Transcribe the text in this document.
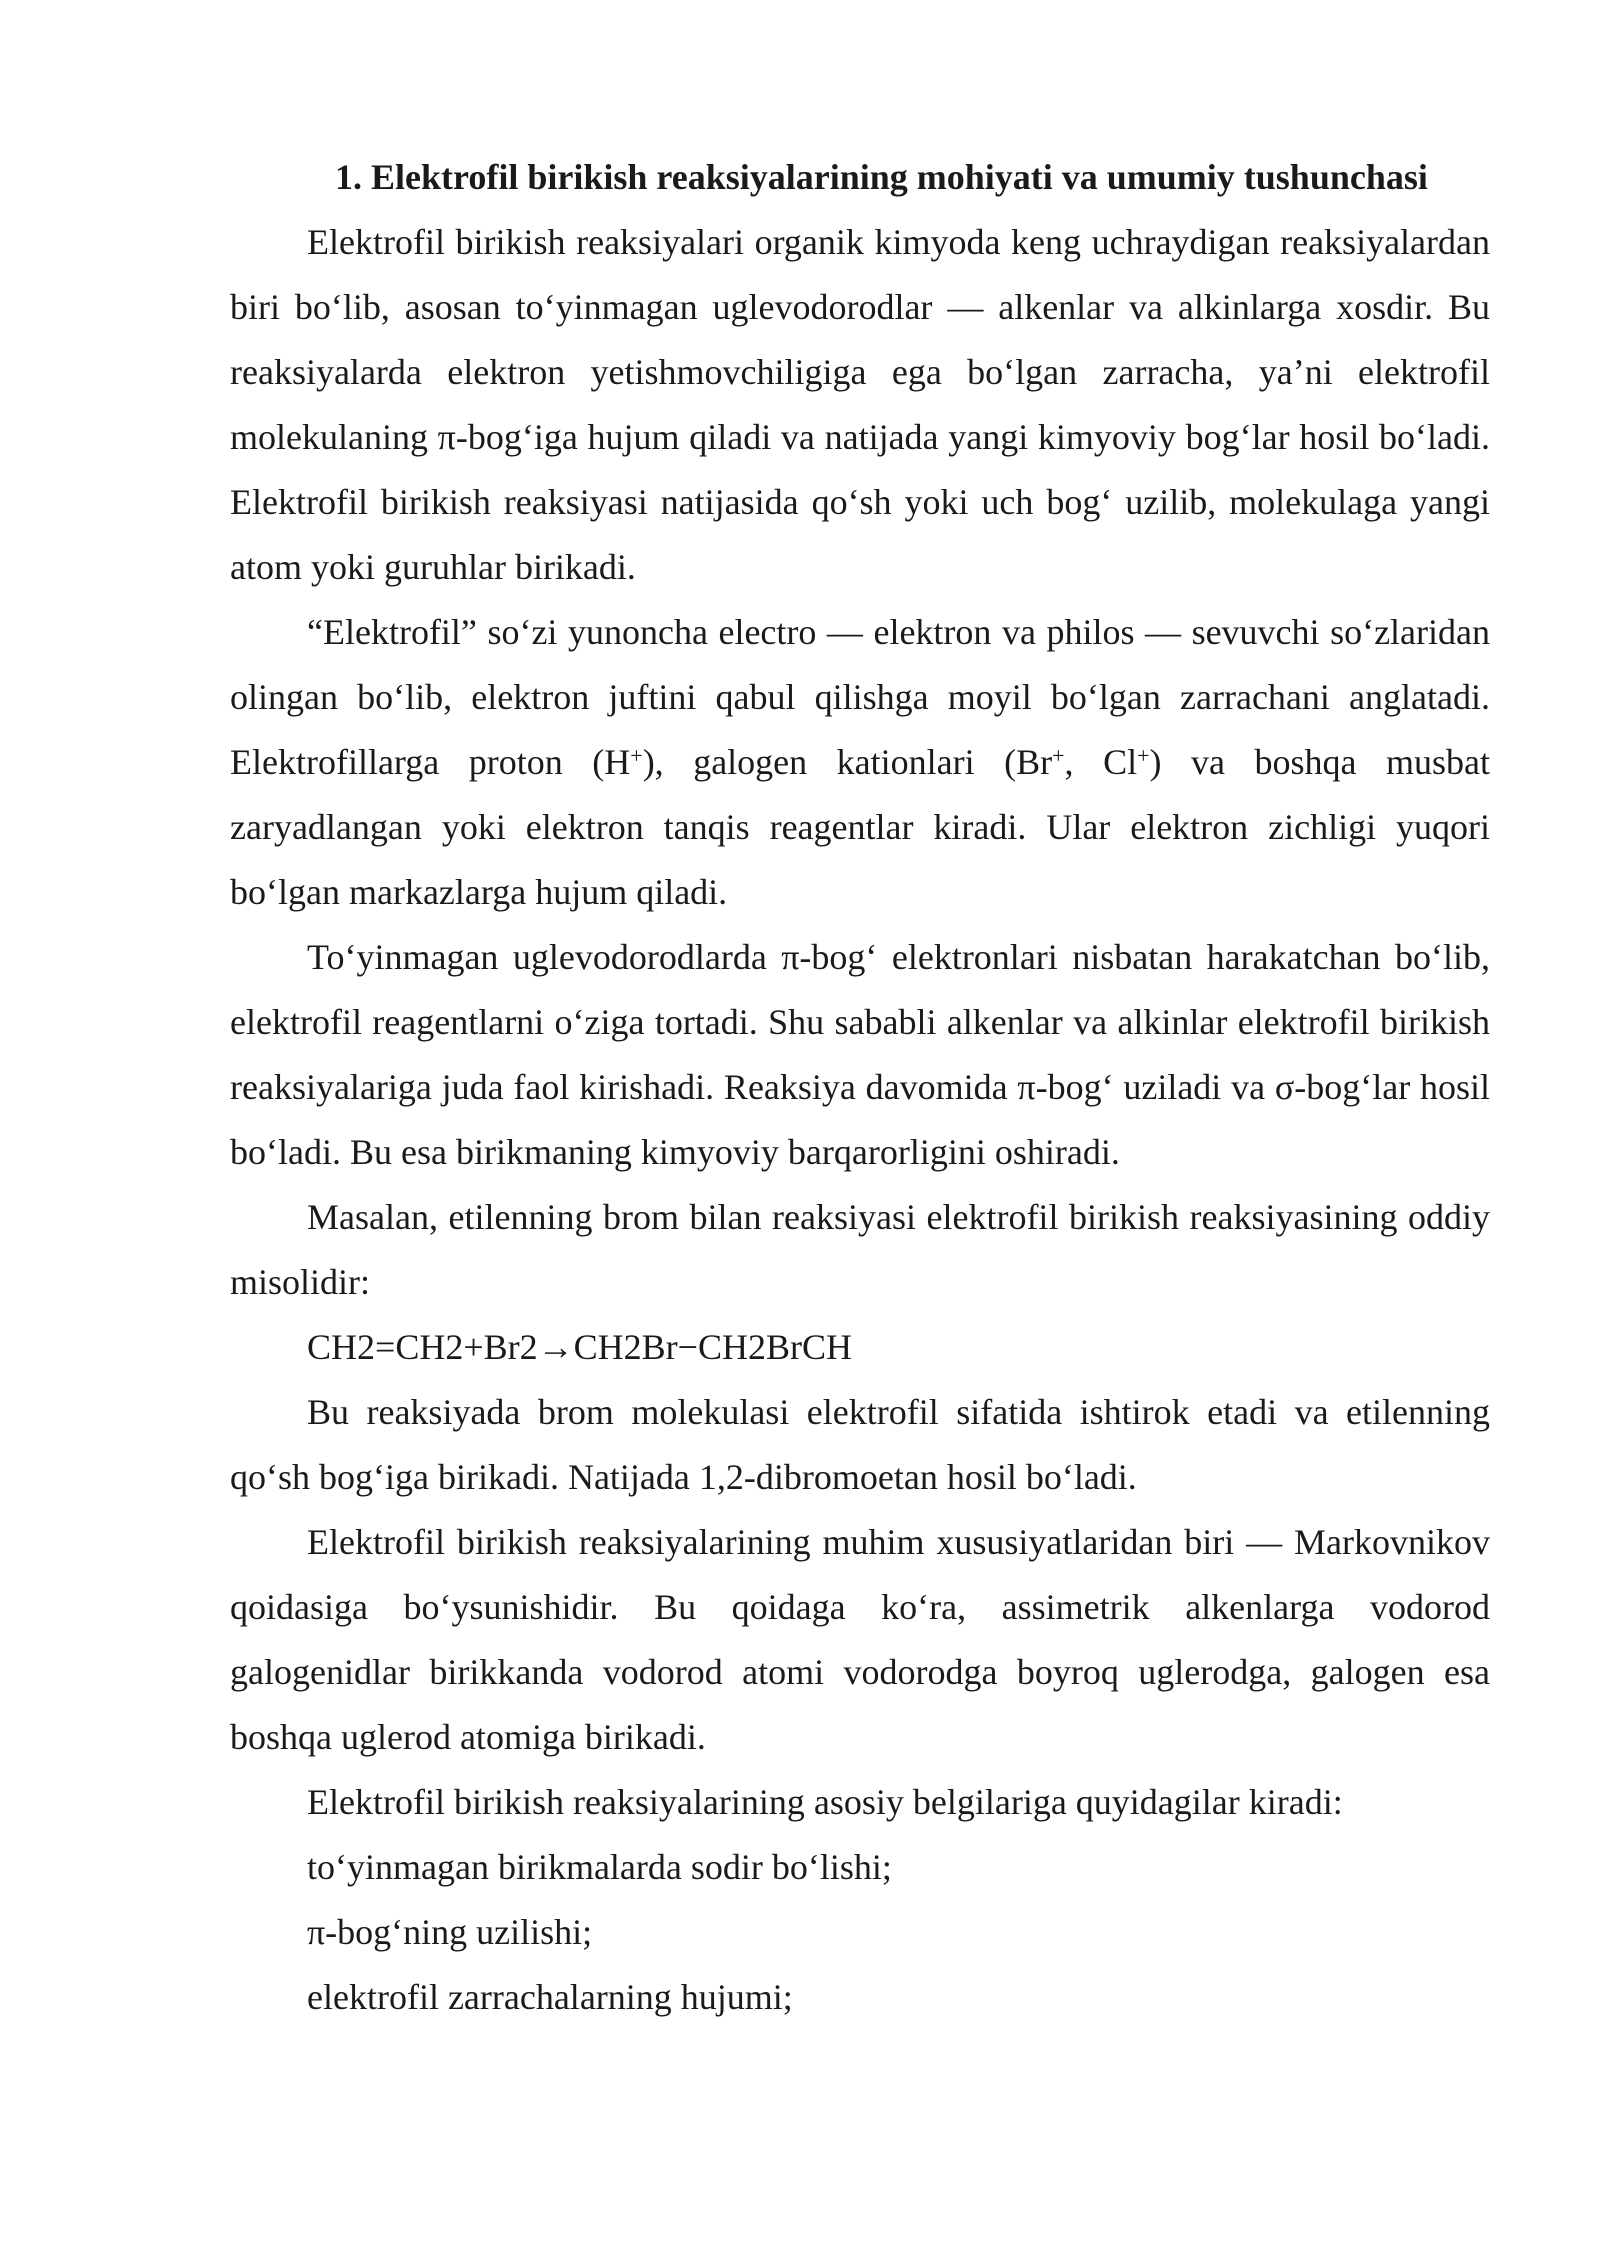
1. Elektrofil birikish reaksiyalarining mohiyati va umumiy tushunchasi

Elektrofil birikish reaksiyalari organik kimyoda keng uchraydigan reaksiyalardan biri boʻlib, asosan toʻyinmagan uglevodorodlar — alkenlar va alkinlarga xosdir. Bu reaksiyalarda elektron yetishmovchiligiga ega boʻlgan zarracha, yaʼni elektrofil molekulaning π-bogʻiga hujum qiladi va natijada yangi kimyoviy bogʻlar hosil boʻladi. Elektrofil birikish reaksiyasi natijasida qoʻsh yoki uch bogʻ uzilib, molekulaga yangi atom yoki guruhlar birikadi.

“Elektrofil” soʻzi yunoncha electro — elektron va philos — sevuvchi soʻzlaridan olingan boʻlib, elektron juftini qabul qilishga moyil boʻlgan zarrachani anglatadi. Elektrofillarga proton (H+), galogen kationlari (Br+, Cl+) va boshqa musbat zaryadlangan yoki elektron tanqis reagentlar kiradi. Ular elektron zichligi yuqori boʻlgan markazlarga hujum qiladi.

Toʻyinmagan uglevodorodlarda π-bogʻ elektronlari nisbatan harakatchan boʻlib, elektrofil reagentlarni oʻziga tortadi. Shu sababli alkenlar va alkinlar elektrofil birikish reaksiyalariga juda faol kirishadi. Reaksiya davomida π-bogʻ uziladi va σ-bogʻlar hosil boʻladi. Bu esa birikmaning kimyoviy barqarorligini oshiradi.

Masalan, etilenning brom bilan reaksiyasi elektrofil birikish reaksiyasining oddiy misolidir:

CH2=CH2+Br2→CH2Br−CH2BrCH

Bu reaksiyada brom molekulasi elektrofil sifatida ishtirok etadi va etilenning qoʻsh bogʻiga birikadi. Natijada 1,2-dibromoetan hosil boʻladi.

Elektrofil birikish reaksiyalarining muhim xususiyatlaridan biri — Markovnikov qoidasiga boʻysunishidir. Bu qoidaga koʻra, assimetrik alkenlarga vodorod galogenidlar birikkanda vodorod atomi vodorodga boyroq uglerodga, galogen esa boshqa uglerod atomiga birikadi.

Elektrofil birikish reaksiyalarining asosiy belgilariga quyidagilar kiradi:

toʻyinmagan birikmalarda sodir boʻlishi;

π-bogʻning uzilishi;

elektrofil zarrachalarning hujumi;
